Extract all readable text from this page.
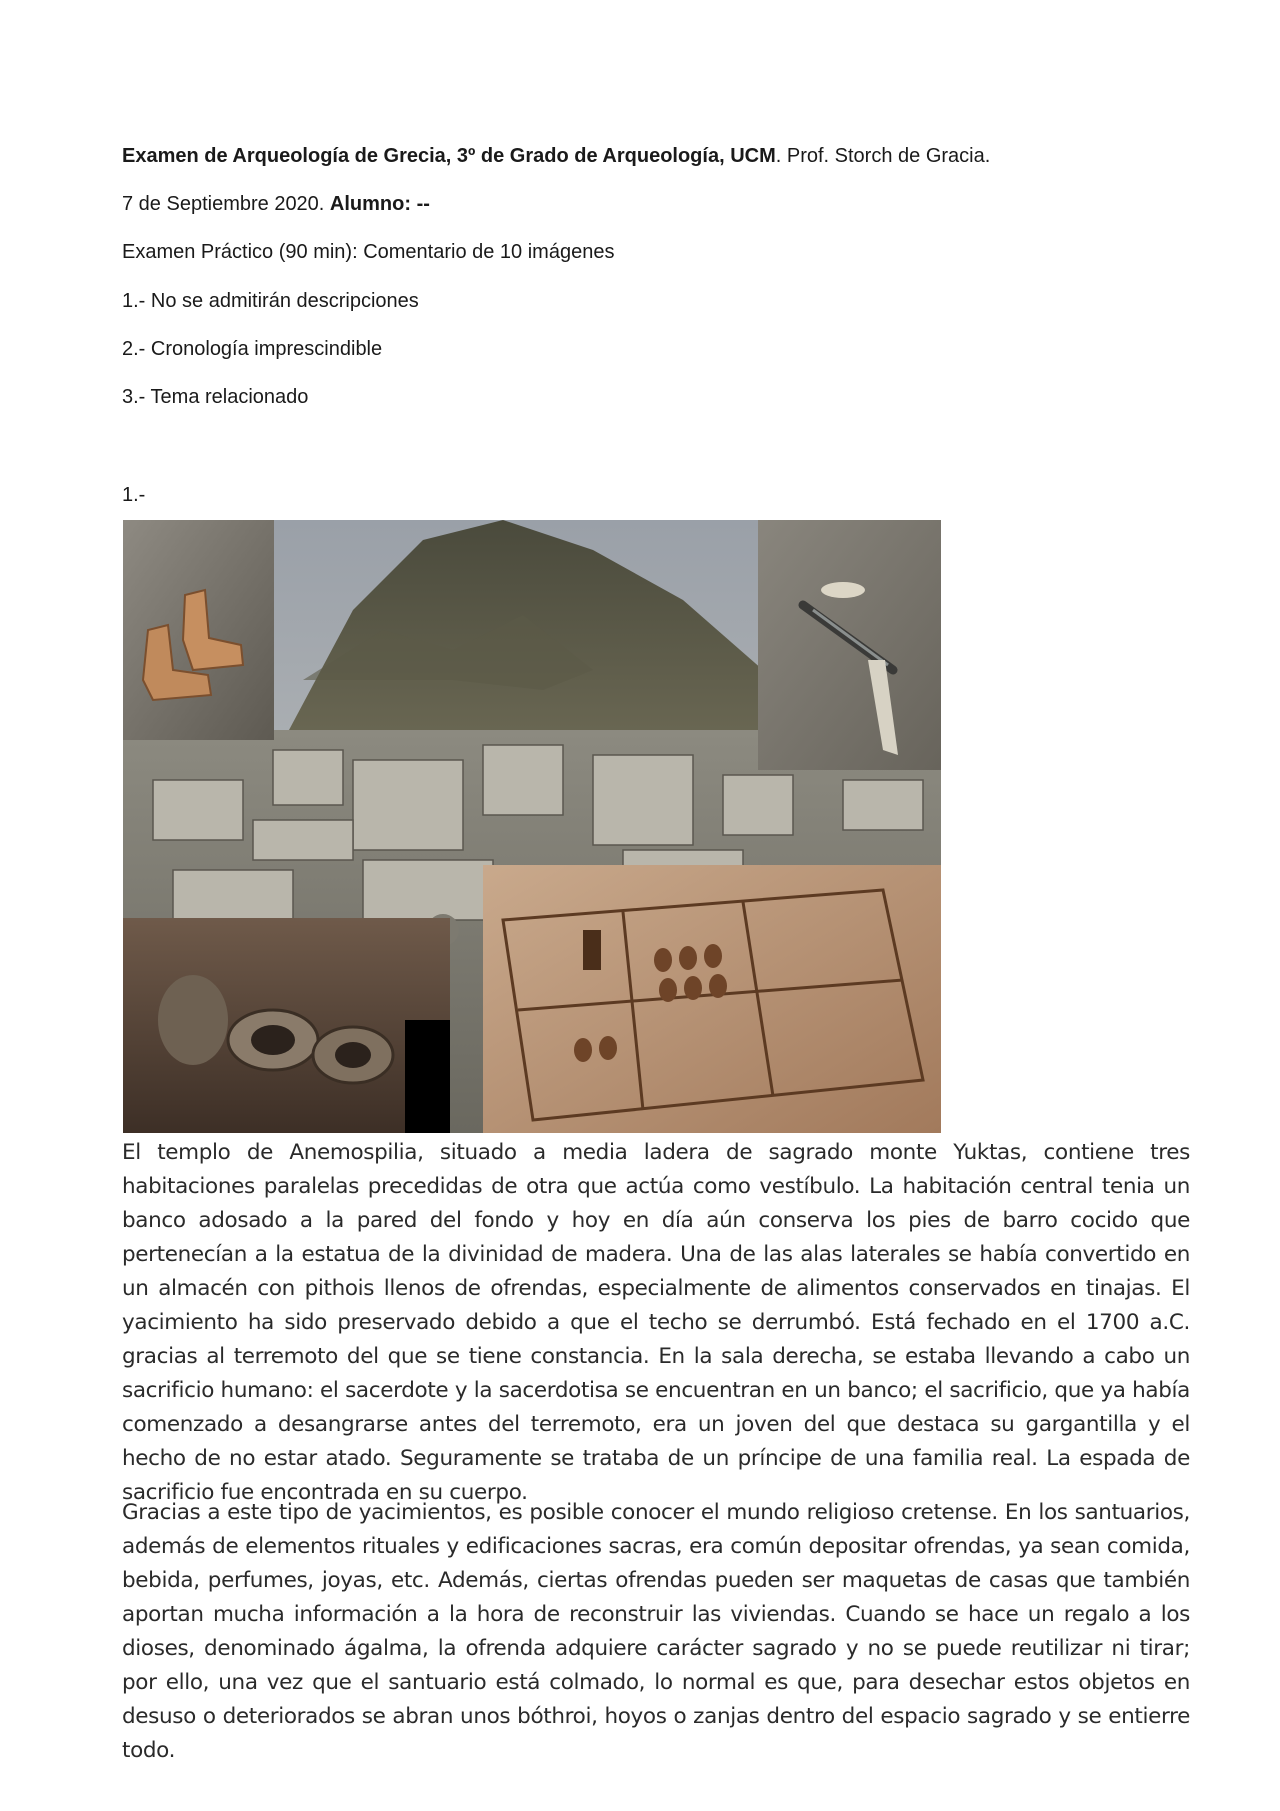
Examen de Arqueología de Grecia, 3º de Grado de Arqueología, UCM. Prof. Storch de Gracia.
7 de Septiembre 2020. Alumno: --
Examen Práctico (90 min): Comentario de 10 imágenes
1.- No se admitirán descripciones
2.- Cronología imprescindible
3.- Tema relacionado
1.-
El templo de Anemospilia, situado a media ladera de sagrado monte Yuktas, contiene tres habitaciones paralelas precedidas de otra que actúa como vestíbulo. La habitación central tenia un banco adosado a la pared del fondo y hoy en día aún conserva los pies de barro cocido que pertenecían a la estatua de la divinidad de madera. Una de las alas laterales se había convertido en un almacén con pithois llenos de ofrendas, especialmente de alimentos conservados en tinajas. El yacimiento ha sido preservado debido a que el techo se derrumbó. Está fechado en el 1700 a.C. gracias al terremoto del que se tiene constancia. En la sala derecha, se estaba llevando a cabo un sacrificio humano: el sacerdote y la sacerdotisa se encuentran en un banco; el sacrificio, que ya había comenzado a desangrarse antes del terremoto, era un joven del que destaca su gargantilla y el hecho de no estar atado. Seguramente se trataba de un príncipe de una familia real. La espada de sacrificio fue encontrada en su cuerpo.
Gracias a este tipo de yacimientos, es posible conocer el mundo religioso cretense. En los santuarios, además de elementos rituales y edificaciones sacras, era común depositar ofrendas, ya sean comida, bebida, perfumes, joyas, etc. Además, ciertas ofrendas pueden ser maquetas de casas que también aportan mucha información a la hora de reconstruir las viviendas. Cuando se hace un regalo a los dioses, denominado ágalma, la ofrenda adquiere carácter sagrado y no se puede reutilizar ni tirar; por ello, una vez que el santuario está colmado, lo normal es que, para desechar estos objetos en desuso o deteriorados se abran unos bóthroi, hoyos o zanjas dentro del espacio sagrado y se entierre todo.
